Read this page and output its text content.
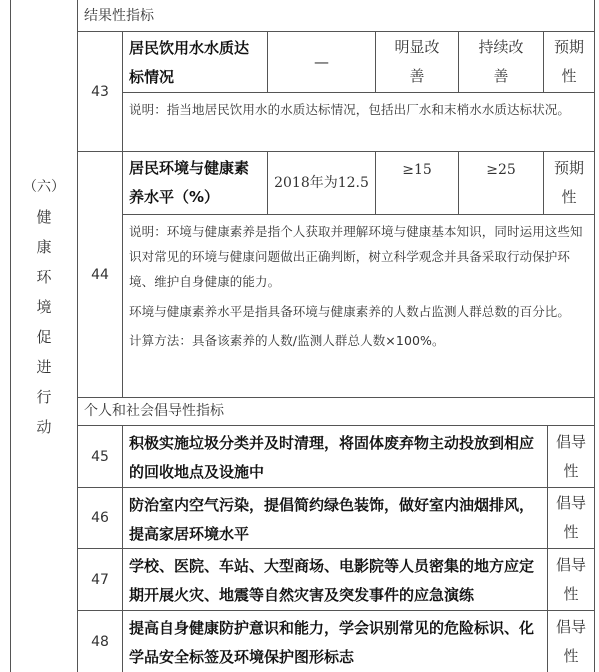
（六）
健
康
环
境
促
进
行
动
结果性指标
43
居民饮用水水质达标情况
—
明显改善
持续改善
预期性

说明：指当地居民饮用水的水质达标情况，包括出厂水和末梢水水质达标状况。

44
居民环境与健康素养水平（%）
2018年为12.5
≥15	≥25	预期性

说明：环境与健康素养是指个人获取并理解环境与健康基本知识，同时运用这些知识对常见的环境与健康问题做出正确判断，树立科学观念并具备采取行动保护环境、维护自身健康的能力。

环境与健康素养水平是指具备环境与健康素养的人数占监测人群总数的百分比。

计算方法：具备该素养的人数/监测人群总人数×100%。

个人和社会倡导性指标
45
积极实施垃圾分类并及时清理，将固体废弃物主动投放到相应的回收地点及设施中
倡导性
46
防治室内空气污染，提倡简约绿色装饰，做好室内油烟排风，提高家居环境水平
倡导性
47
学校、医院、车站、大型商场、电影院等人员密集的地方应定期开展火灾、地震等自然灾害及突发事件的应急演练
倡导性
48
提高自身健康防护意识和能力，学会识别常见的危险标识、化学品安全标签及环境保护图形标志
倡导性
